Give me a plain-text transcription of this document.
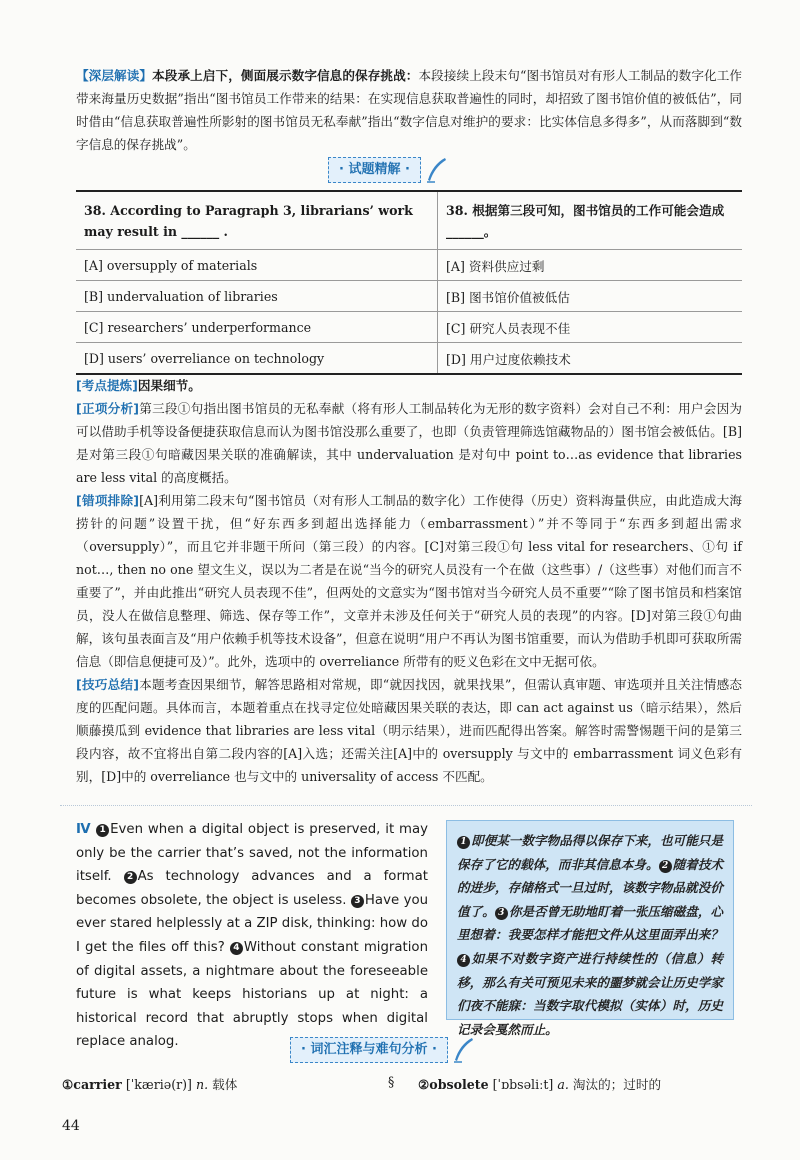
【深层解读】本段承上启下，侧面展示数字信息的保存挑战：本段接续上段末句“图书馆员对有形人工制品的数字化工作带来海量历史数据”指出“图书馆员工作带来的结果：在实现信息获取普遍性的同时，却招致了图书馆价值的被低估”，同时借由“信息获取普遍性所影射的图书馆员无私奉献”指出“数字信息对维护的要求：比实体信息多得多”，从而落脚到“数字信息的保存挑战”。
· 试题精解 ·
38. According to Paragraph 3, librarians’ work may result in ______ .	38. 根据第三段可知，图书馆员的工作可能会造成______。
[A] oversupply of materials	[A] 资料供应过剩
[B] undervaluation of libraries	[B] 图书馆价值被低估
[C] researchers’ underperformance	[C] 研究人员表现不佳
[D] users’ overreliance on technology	[D] 用户过度依赖技术
[考点提炼]因果细节。
[正项分析]第三段①句指出图书馆员的无私奉献（将有形人工制品转化为无形的数字资料）会对自己不利：用户会因为可以借助手机等设备便捷获取信息而认为图书馆没那么重要了，也即（负责管理筛选馆藏物品的）图书馆会被低估。[B]是对第三段①句暗藏因果关联的准确解读，其中 undervaluation 是对句中 point to…as evidence that libraries are less vital 的高度概括。
[错项排除][A]利用第二段末句“图书馆员（对有形人工制品的数字化）工作使得（历史）资料海量供应，由此造成大海捞针的问题”设置干扰，但“好东西多到超出选择能力（embarrassment）”并不等同于“东西多到超出需求（oversupply）”，而且它并非题干所问（第三段）的内容。[C]对第三段①句 less vital for researchers、①句 if not…, then no one 望文生义，误以为二者是在说“当今的研究人员没有一个在做（这些事）/（这些事）对他们而言不重要了”，并由此推出“研究人员表现不佳”，但两处的文意实为“图书馆对当今研究人员不重要”“除了图书馆员和档案馆员，没人在做信息整理、筛选、保存等工作”，文章并未涉及任何关于“研究人员的表现”的内容。[D]对第三段①句曲解，该句虽表面言及“用户依赖手机等技术设备”，但意在说明“用户不再认为图书馆重要，而认为借助手机即可获取所需信息（即信息便捷可及）”。此外，选项中的 overreliance 所带有的贬义色彩在文中无据可依。
[技巧总结]本题考查因果细节，解答思路相对常规，即“就因找因，就果找果”，但需认真审题、审选项并且关注情感态度的匹配问题。具体而言，本题着重点在找寻定位处暗藏因果关联的表达，即 can act against us（暗示结果），然后顺藤摸瓜到 evidence that libraries are less vital（明示结果），进而匹配得出答案。解答时需警惕题干问的是第三段内容，故不宜将出自第二段内容的[A]入选；还需关注[A]中的 oversupply 与文中的 embarrassment 词义色彩有别，[D]中的 overreliance 也与文中的 universality of access 不匹配。
Ⅳ 1 Even when a digital object is preserved, it may only be the carrier that’s saved, not the information itself. 2 As technology advances and a format becomes obsolete, the object is useless. 3 Have you ever stared helplessly at a ZIP disk, thinking: how do I get the files off this? 4 Without constant migration of digital assets, a nightmare about the foreseeable future is what keeps historians up at night: a historical record that abruptly stops when digital replace analog.
1 即便某一数字物品得以保存下来，也可能只是保存了它的载体，而非其信息本身。 2 随着技术的进步，存储格式一旦过时，该数字物品就没价值了。 3 你是否曾无助地盯着一张压缩磁盘，心里想着：我要怎样才能把文件从这里面弄出来？4 如果不对数字资产进行持续性的（信息）转移，那么有关可预见未来的噩梦就会让历史学家们夜不能寐：当数字取代模拟（实体）时，历史记录会戛然而止。
· 词汇注释与难句分析 ·
①carrier [ˈkæriə(r)] n. 载体	§ ②obsolete [ˈɒbsəliːt] a. 淘汰的；过时的
44
